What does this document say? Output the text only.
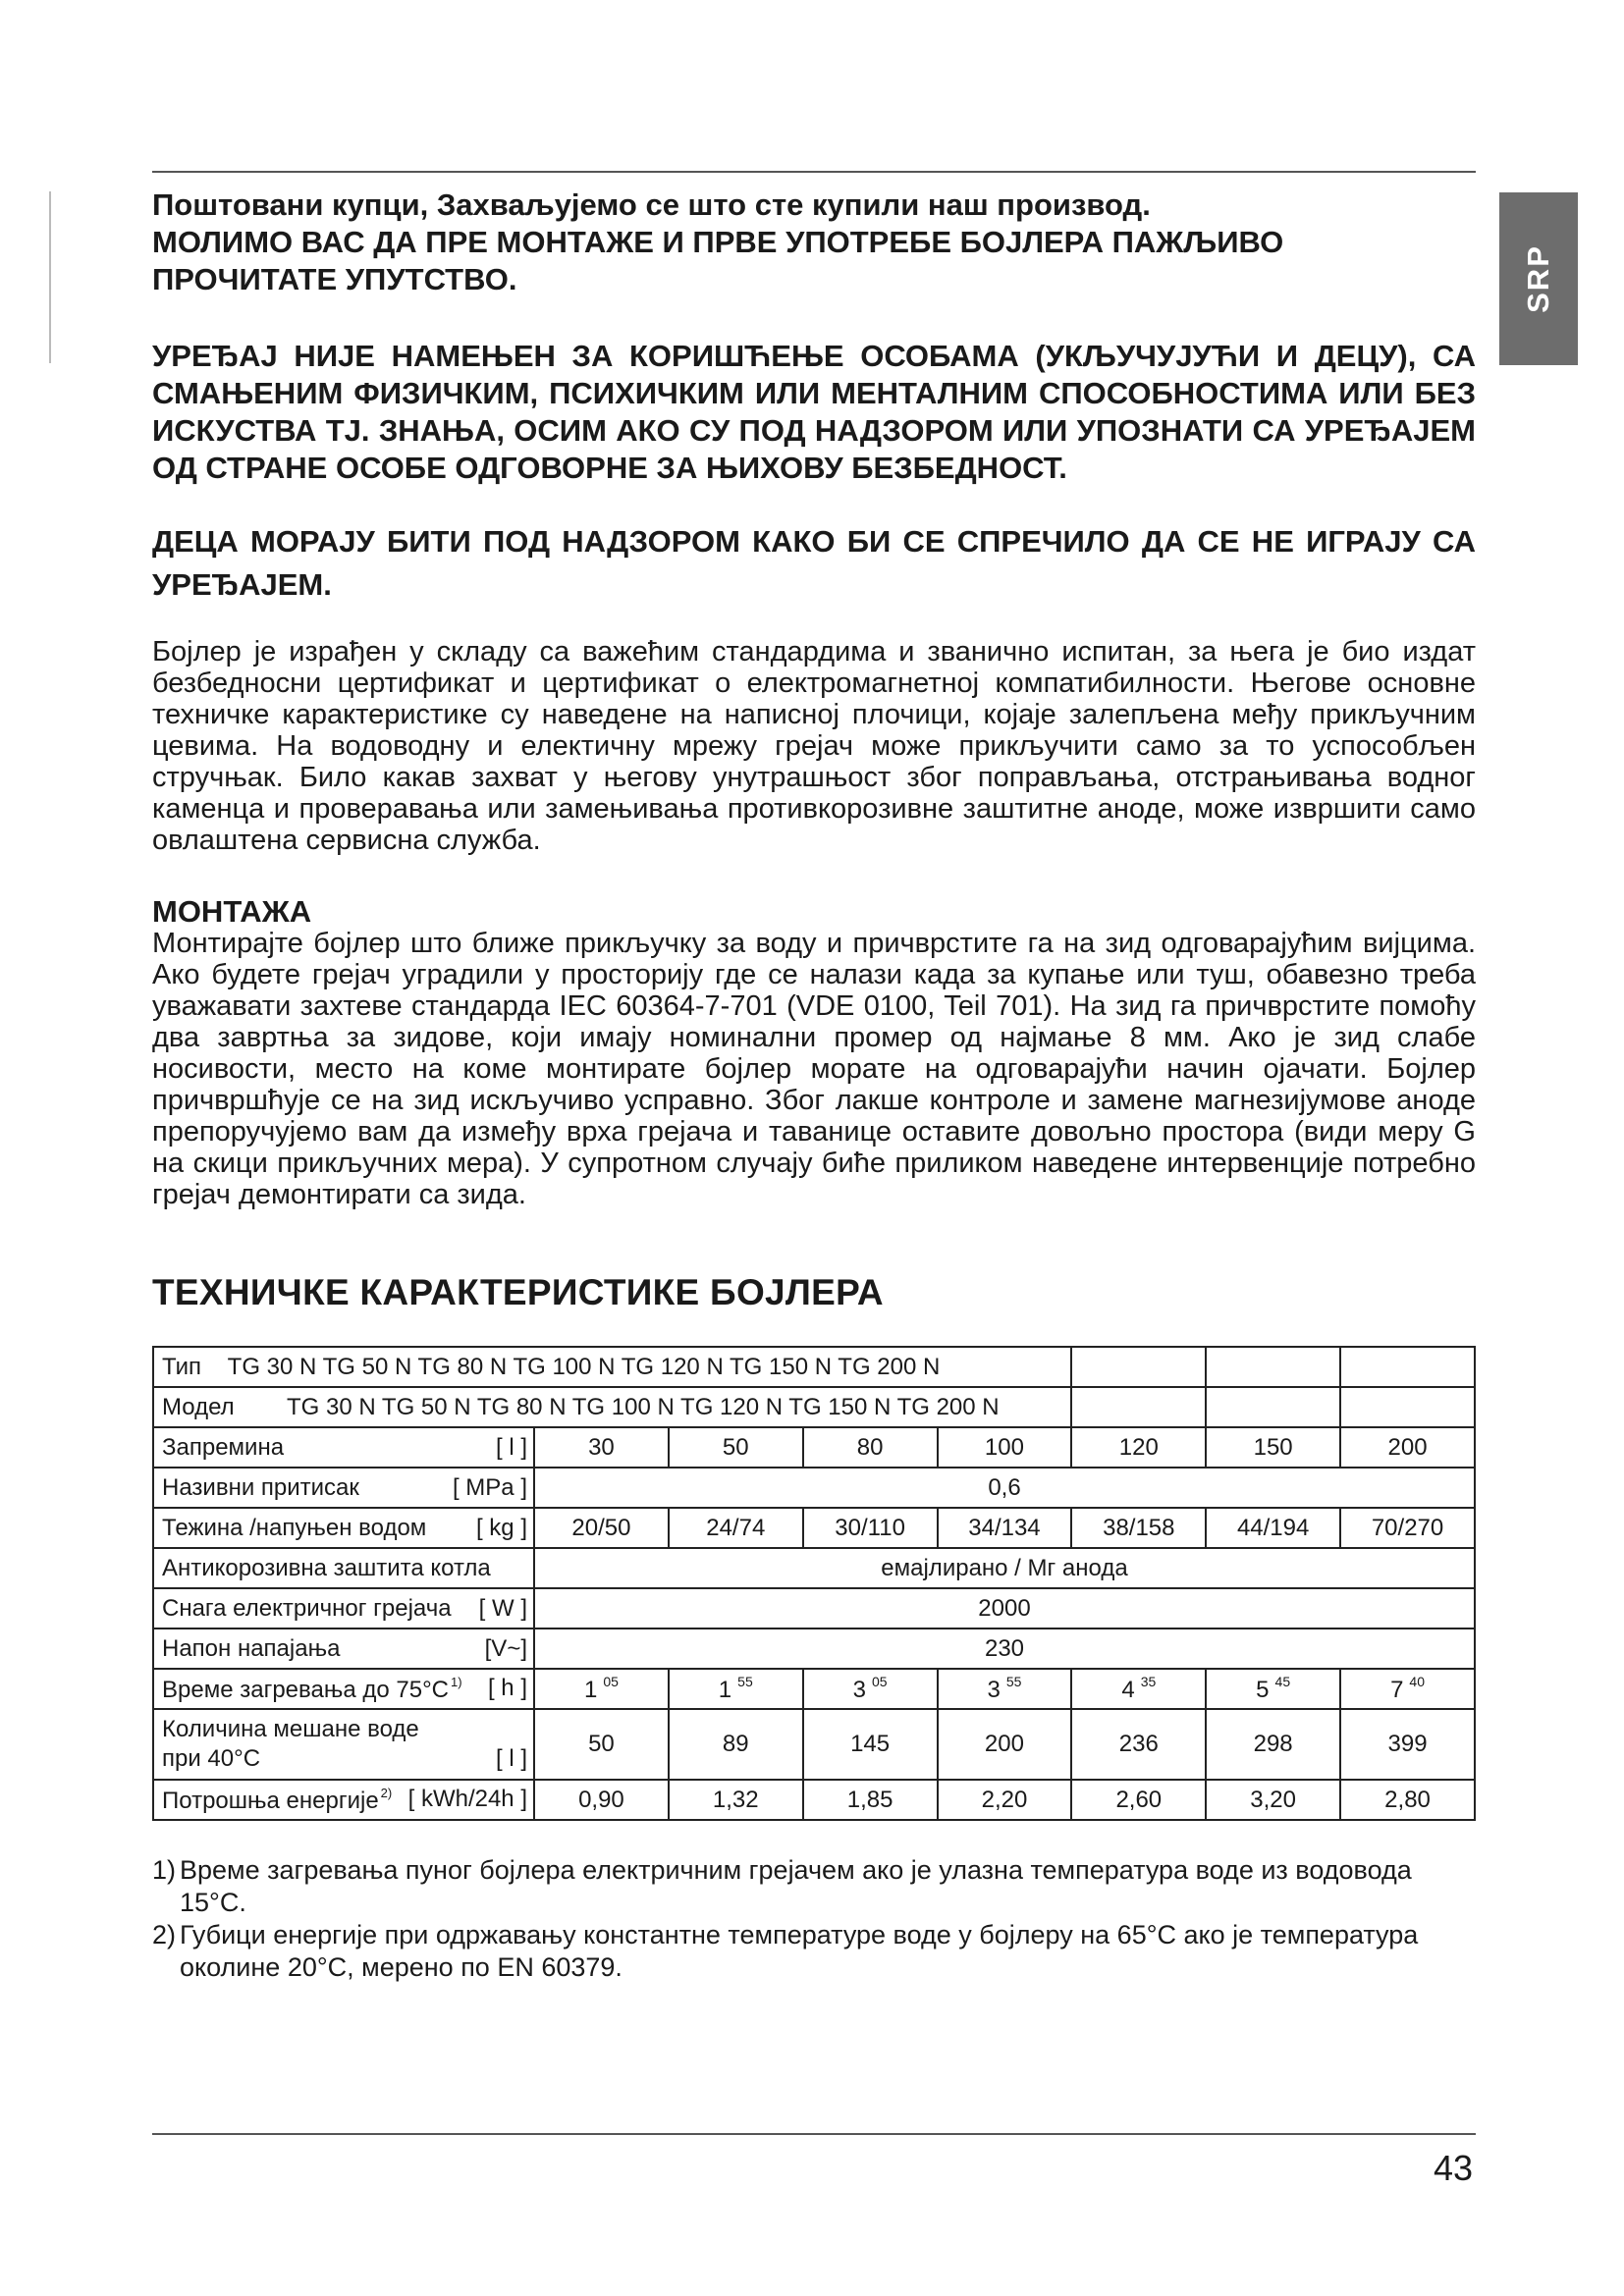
SRP

Поштовани купци, Захваљујемо се што сте купили наш производ.

МОЛИМО ВАС ДА ПРЕ МОНТАЖЕ И ПРВЕ УПОТРЕБЕ БОЈЛЕРА ПАЖЉИВО ПРОЧИТАТЕ УПУТСТВО.

УРЕЂАЈ НИЈЕ НАМЕЊЕН ЗА КОРИШЋЕЊЕ ОСОБАМА (УКЉУЧУЈУЋИ И ДЕЦУ), СА СМАЊЕНИМ ФИЗИЧКИМ, ПСИХИЧКИМ ИЛИ МЕНТАЛНИМ СПОСОБНОСТИМА ИЛИ БЕЗ ИСКУСТВА TJ. ЗНАЊА, ОСИМ АКО СУ ПОД НАДЗОРОМ ИЛИ УПОЗНАТИ СА УРЕЂАЈЕМ ОД СТРАНЕ ОСОБЕ ОДГОВОРНЕ ЗА ЊИХОВУ БЕЗБЕДНОСТ.

ДЕЦА МОРАЈУ БИТИ ПОД НАДЗОРОМ КАКО БИ СЕ СПРЕЧИЛО ДА СЕ НЕ ИГРАЈУ СА УРЕЂАЈЕМ.

Бојлер је израђен у складу са важећим стандардима и званично испитан, за њега је био издат безбедносни цертификат и цертификат о електромагнетној компатибилности. Његове основне техничке карактеристике су наведене на написној плочици, којаје залепљена међу прикључним цевима. На водоводну и електичну мрежу грејач може прикључити само за то успособљен стручњак. Било какав захват у његову унутрашњост због поправљања, отстрањивања водног каменца и проверавања или замењивања противкорозивне заштитне аноде, може извршити само овлаштена сервисна служба.

МОНТАЖА

Монтирајте бојлер што ближе прикључку за воду и причврстите га на зид одговарајућим вијцима. Ако будете грејач уградили у просторију где се налази када за купање или туш, обавезно треба уважавати захтеве стандарда IEC 60364-7-701 (VDE 0100, Teil 701). На зид га причврстите помоћу два завртња за зидове, који имају номинални промер од најмање 8 мм. Ако је зид слабе носивости, место на коме монтирате бојлер морате на одговарајући начин ојачати. Бојлер причвршћује се на зид искључиво усправно. Због лакше контроле и замене магнезијумове аноде препоручујемо вам да између врха грејача и таванице оставите довољно простора (види меру G на скици прикључних мера). У супротном случају биће приликом наведене интервенције потребно грејач демонтирати са зида.

ТЕХНИЧКЕ КАРАКТЕРИСТИКЕ БОЈЛЕРА
Тип    TG 30 N TG 50 N TG 80 N TG 100 N TG 120 N TG 150 N TG 200 N							
Модел        TG 30 N TG 50 N TG 80 N TG 100 N TG 120 N TG 150 N TG 200 N							
Запремина [ l ]	30	50	80	100	120	150	200
Називни притисак [ MPa ]	0,6						
Тежина /напуњен водом [ kg ]	20/50	24/74	30/110	34/134	38/158	44/194	70/270
Антикорозивна заштита котла	емајлирано / Mг анода						
Снага електричног грејача [ W ]	2000						
Напон напајања [V~]	230						
Време загревања до 75°C $^{1)}$ [ h ]	1 $^{05}$	1 $^{55}$	3 $^{05}$	3 $^{55}$	4 $^{35}$	5 $^{45}$	7 $^{40}$
Количина мешане воде
при 40°C [ l ]	50	89	145	200	236	298	399
Потрошња енергије $^{2)}$ [ kWh/24h ]	0,90	1,32	1,85	2,20	2,60	3,20	2,80
1) Време загревања пуног бојлера електричним грејачем ако је улазна температура воде из водовода 15°C.
2) Губици енергије при одржавању константне температуре воде у бојлеру на 65°C ако је температура околине 20°C, мерено по EN 60379.
43
